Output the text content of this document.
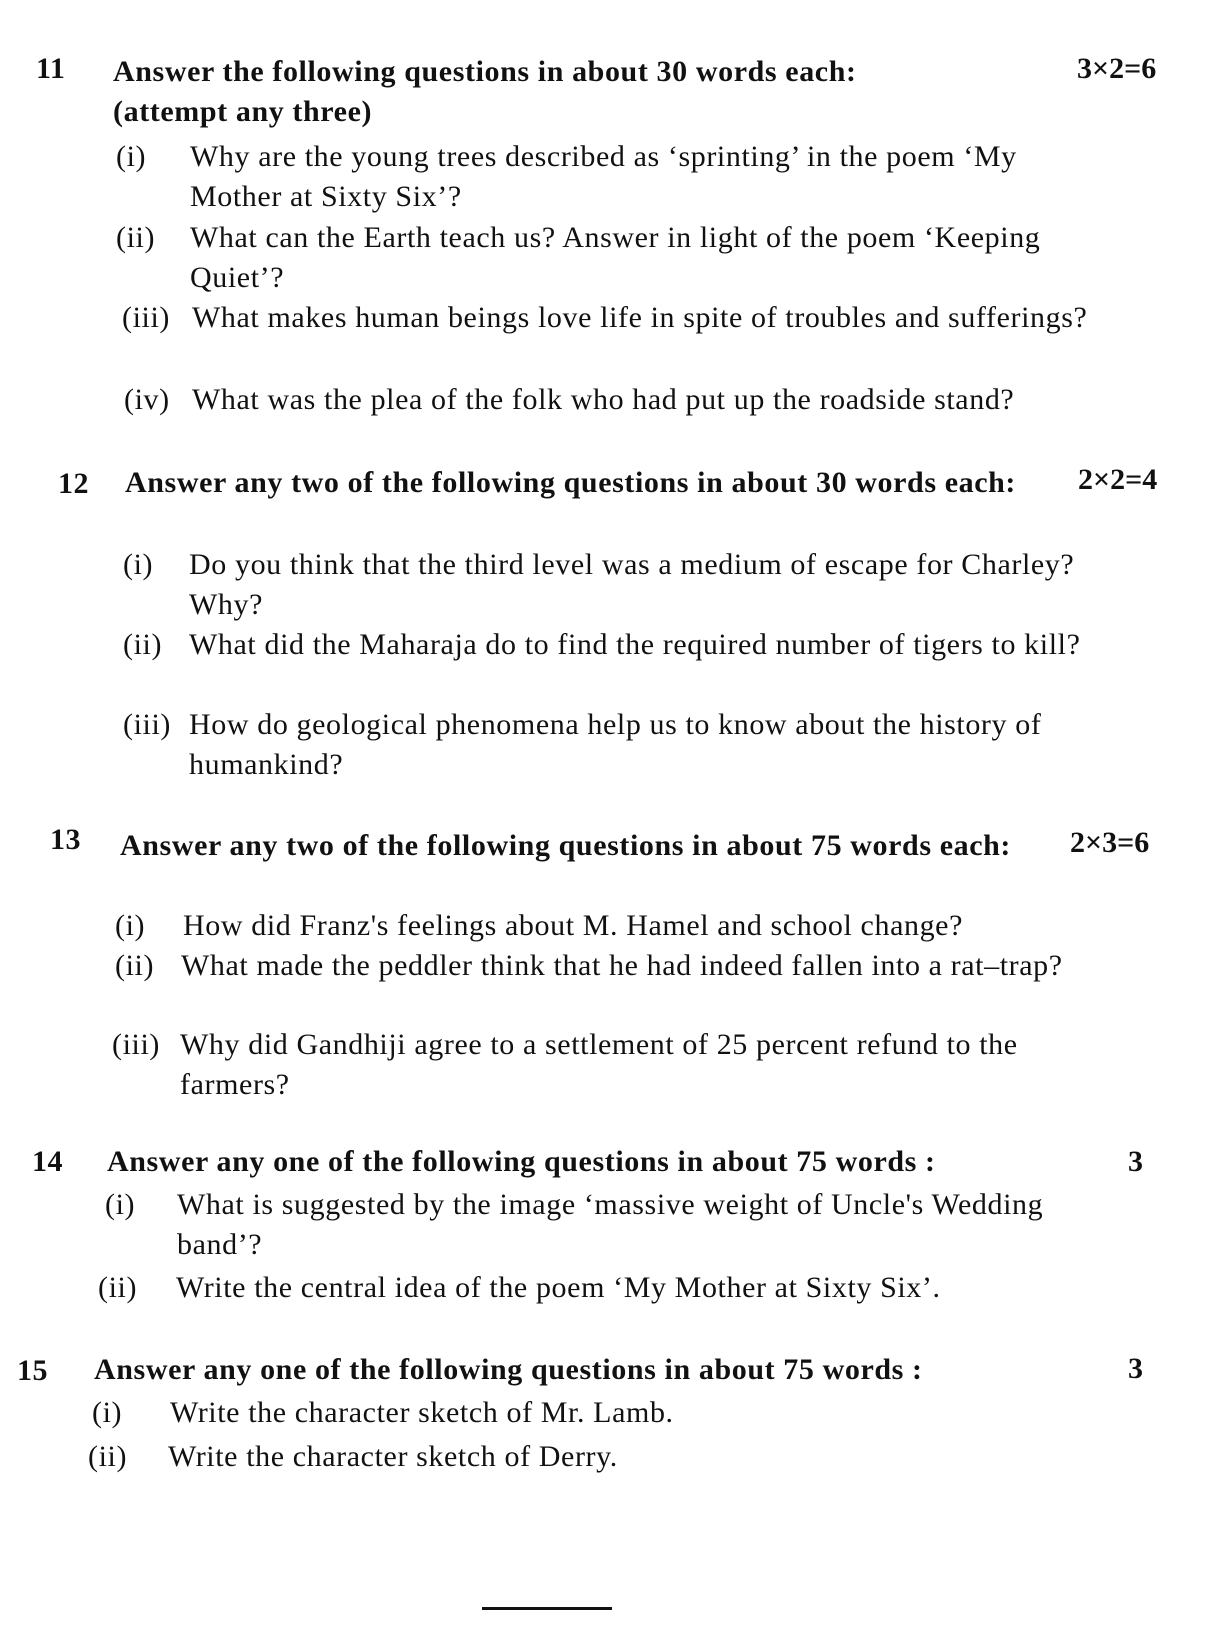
11 Answer the following questions in about 30 words each: (attempt any three)
3×2=6
(i) Why are the young trees described as ‘sprinting’ in the poem ‘My Mother at Sixty Six’?
(ii) What can the Earth teach us? Answer in light of the poem ‘Keeping Quiet’?
(iii) What makes human beings love life in spite of troubles and sufferings?
(iv) What was the plea of the folk who had put up the roadside stand?
12 Answer any two of the following questions in about 30 words each:	2×2=4
(i) Do you think that the third level was a medium of escape for Charley? Why?
(ii) What did the Maharaja do to find the required number of tigers to kill?
(iii) How do geological phenomena help us to know about the history of humankind?
13 Answer any two of the following questions in about 75 words each:	2×3=6
(i) How did Franz's feelings about M. Hamel and school change?
(ii) What made the peddler think that he had indeed fallen into a rat–trap?
(iii) Why did Gandhiji agree to a settlement of 25 percent refund to the farmers?
14 Answer any one of the following questions in about 75 words :	3
(i) What is suggested by the image ‘massive weight of Uncle's Wedding band’?
(ii) Write the central idea of the poem ‘My Mother at Sixty Six’.
15 Answer any one of the following questions in about 75 words :	3
(i) Write the character sketch of Mr. Lamb.
(ii) Write the character sketch of Derry.
